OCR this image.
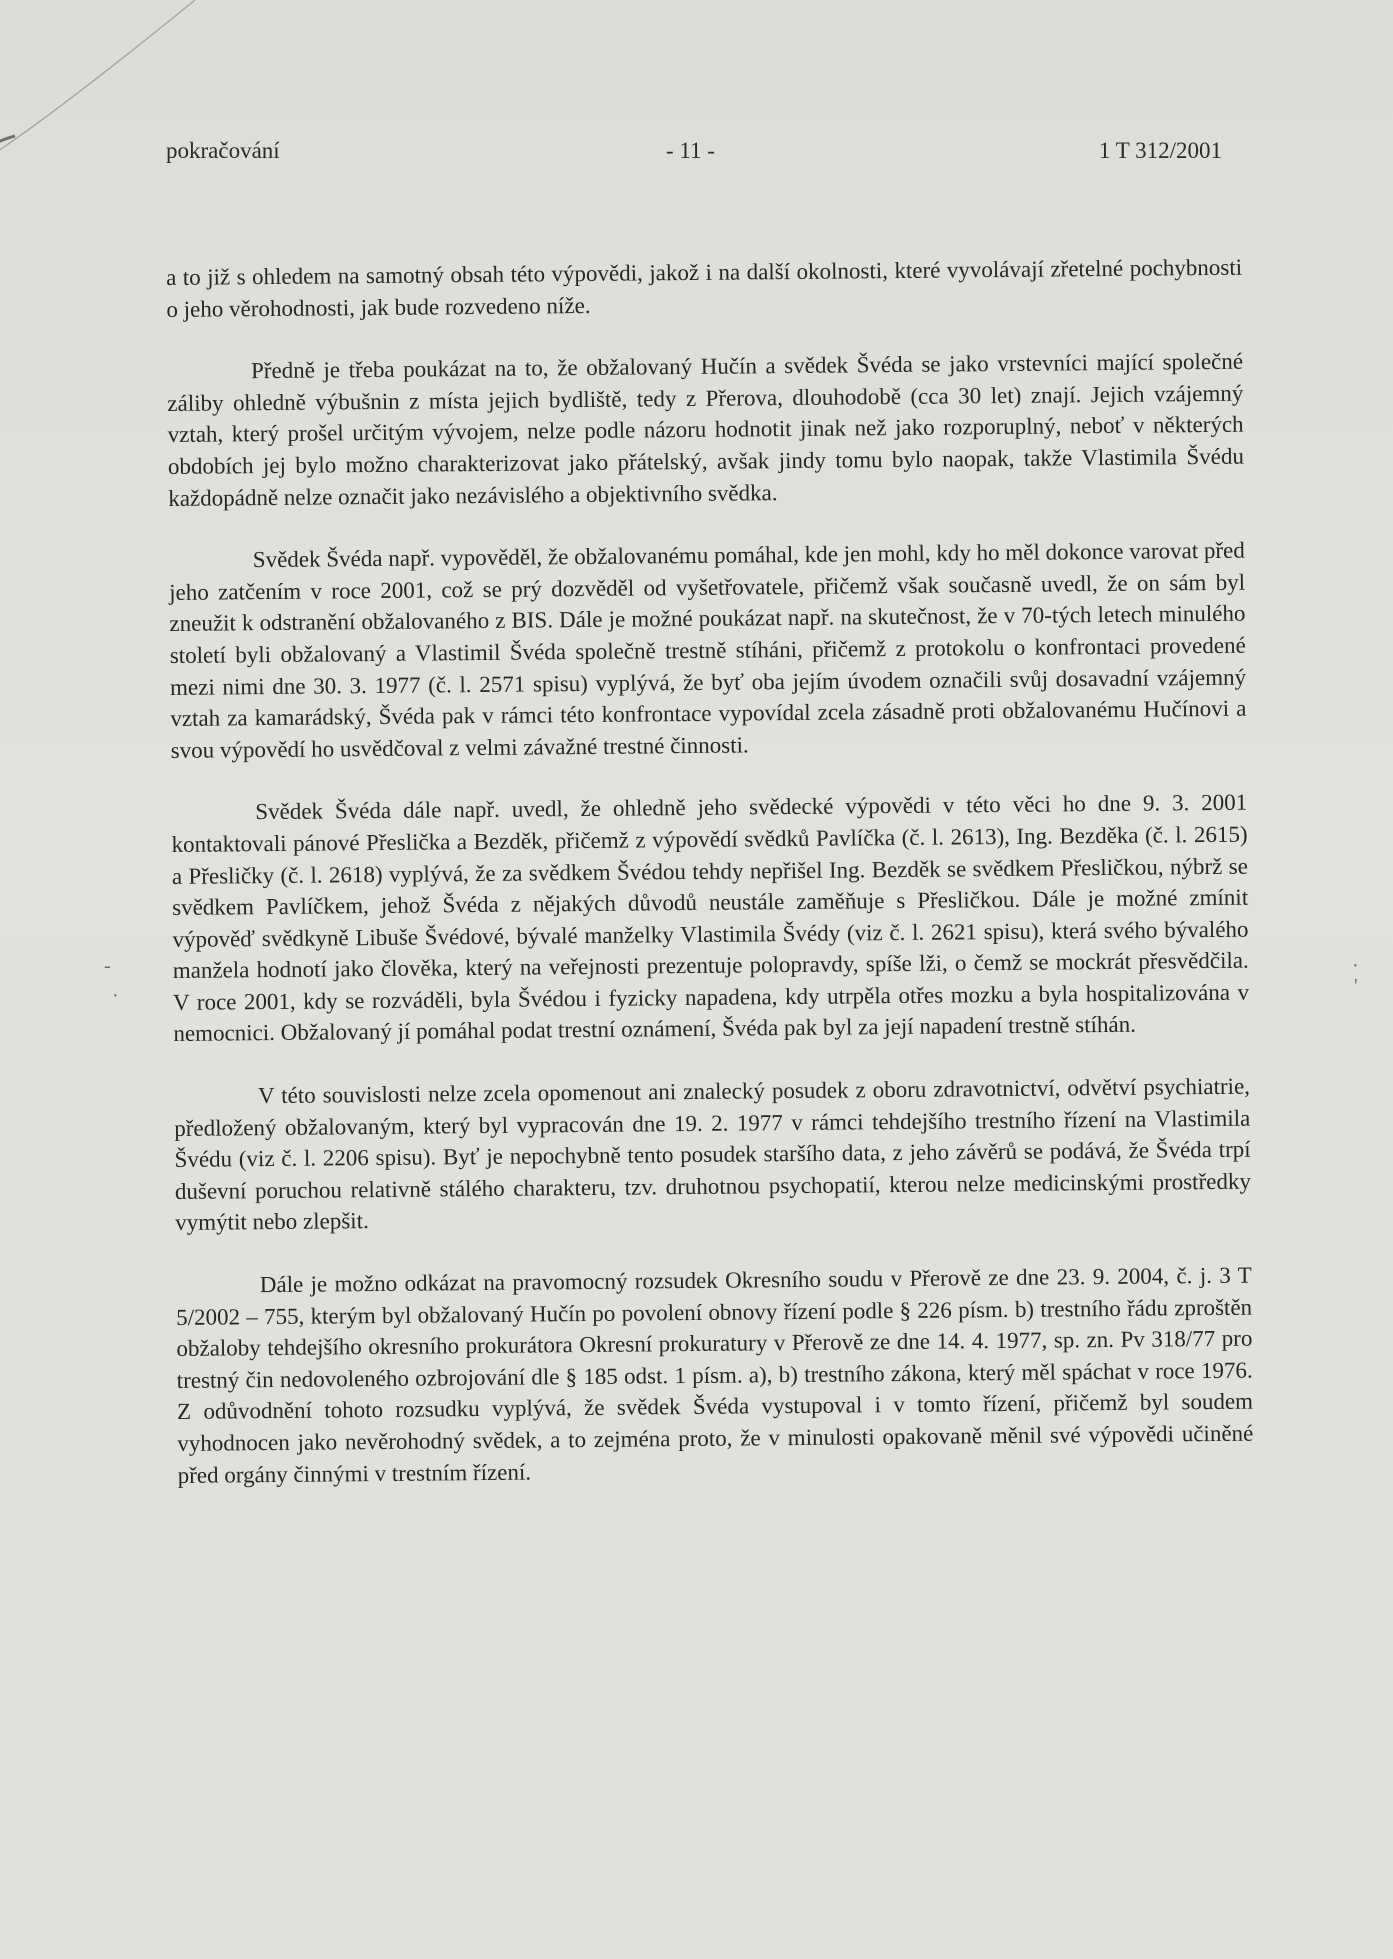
pokračování	- 11 -	1 T 312/2001

a to již s ohledem na samotný obsah této výpovědi, jakož i na další okolnosti, které vyvolávají zřetelné pochybnosti o jeho věrohodnosti, jak bude rozvedeno níže.

Předně je třeba poukázat na to, že obžalovaný Hučín a svědek Švéda se jako vrstevníci mající společné záliby ohledně výbušnin z místa jejich bydliště, tedy z Přerova, dlouhodobě (cca 30 let) znají. Jejich vzájemný vztah, který prošel určitým vývojem, nelze podle názoru hodnotit jinak než jako rozporuplný, neboť v některých obdobích jej bylo možno charakterizovat jako přátelský, avšak jindy tomu bylo naopak, takže Vlastimila Švédu každopádně nelze označit jako nezávislého a objektivního svědka.

Svědek Švéda např. vypověděl, že obžalovanému pomáhal, kde jen mohl, kdy ho měl dokonce varovat před jeho zatčením v roce 2001, což se prý dozvěděl od vyšetřovatele, přičemž však současně uvedl, že on sám byl zneužit k odstranění obžalovaného z BIS. Dále je možné poukázat např. na skutečnost, že v 70-tých letech minulého století byli obžalovaný a Vlastimil Švéda společně trestně stíháni, přičemž z protokolu o konfrontaci provedené mezi nimi dne 30. 3. 1977 (č. l. 2571 spisu) vyplývá, že byť oba jejím úvodem označili svůj dosavadní vzájemný vztah za kamarádský, Švéda pak v rámci této konfrontace vypovídal zcela zásadně proti obžalovanému Hučínovi a svou výpovědí ho usvědčoval z velmi závažné trestné činnosti.

Svědek Švéda dále např. uvedl, že ohledně jeho svědecké výpovědi v této věci ho dne 9. 3. 2001 kontaktovali pánové Přeslička a Bezděk, přičemž z výpovědí svědků Pavlíčka (č. l. 2613), Ing. Bezděka (č. l. 2615) a Přesličky (č. l. 2618) vyplývá, že za svědkem Švédou tehdy nepřišel Ing. Bezděk se svědkem Přesličkou, nýbrž se svědkem Pavlíčkem, jehož Švéda z nějakých důvodů neustále zaměňuje s Přesličkou. Dále je možné zmínit výpověď svědkyně Libuše Švédové, bývalé manželky Vlastimila Švédy (viz č. l. 2621 spisu), která svého bývalého manžela hodnotí jako člověka, který na veřejnosti prezentuje polopravdy, spíše lži, o čemž se mockrát přesvědčila. V roce 2001, kdy se rozváděli, byla Švédou i fyzicky napadena, kdy utrpěla otřes mozku a byla hospitalizována v nemocnici. Obžalovaný jí pomáhal podat trestní oznámení, Švéda pak byl za její napadení trestně stíhán.

V této souvislosti nelze zcela opomenout ani znalecký posudek z oboru zdravotnictví, odvětví psychiatrie, předložený obžalovaným, který byl vypracován dne 19. 2. 1977 v rámci tehdejšího trestního řízení na Vlastimila Švédu (viz č. l. 2206 spisu). Byť je nepochybně tento posudek staršího data, z jeho závěrů se podává, že Švéda trpí duševní poruchou relativně stálého charakteru, tzv. druhotnou psychopatií, kterou nelze medicinskými prostředky vymýtit nebo zlepšit.

Dále je možno odkázat na pravomocný rozsudek Okresního soudu v Přerově ze dne 23. 9. 2004, č. j. 3 T 5/2002 – 755, kterým byl obžalovaný Hučín po povolení obnovy řízení podle § 226 písm. b) trestního řádu zproštěn obžaloby tehdejšího okresního prokurátora Okresní prokuratury v Přerově ze dne 14. 4. 1977, sp. zn. Pv 318/77 pro trestný čin nedovoleného ozbrojování dle § 185 odst. 1 písm. a), b) trestního zákona, který měl spáchat v roce 1976. Z odůvodnění tohoto rozsudku vyplývá, že svědek Švéda vystupoval i v tomto řízení, přičemž byl soudem vyhodnocen jako nevěrohodný svědek, a to zejména proto, že v minulosti opakovaně měnil své výpovědi učiněné před orgány činnými v trestním řízení.

-
·
·
'
